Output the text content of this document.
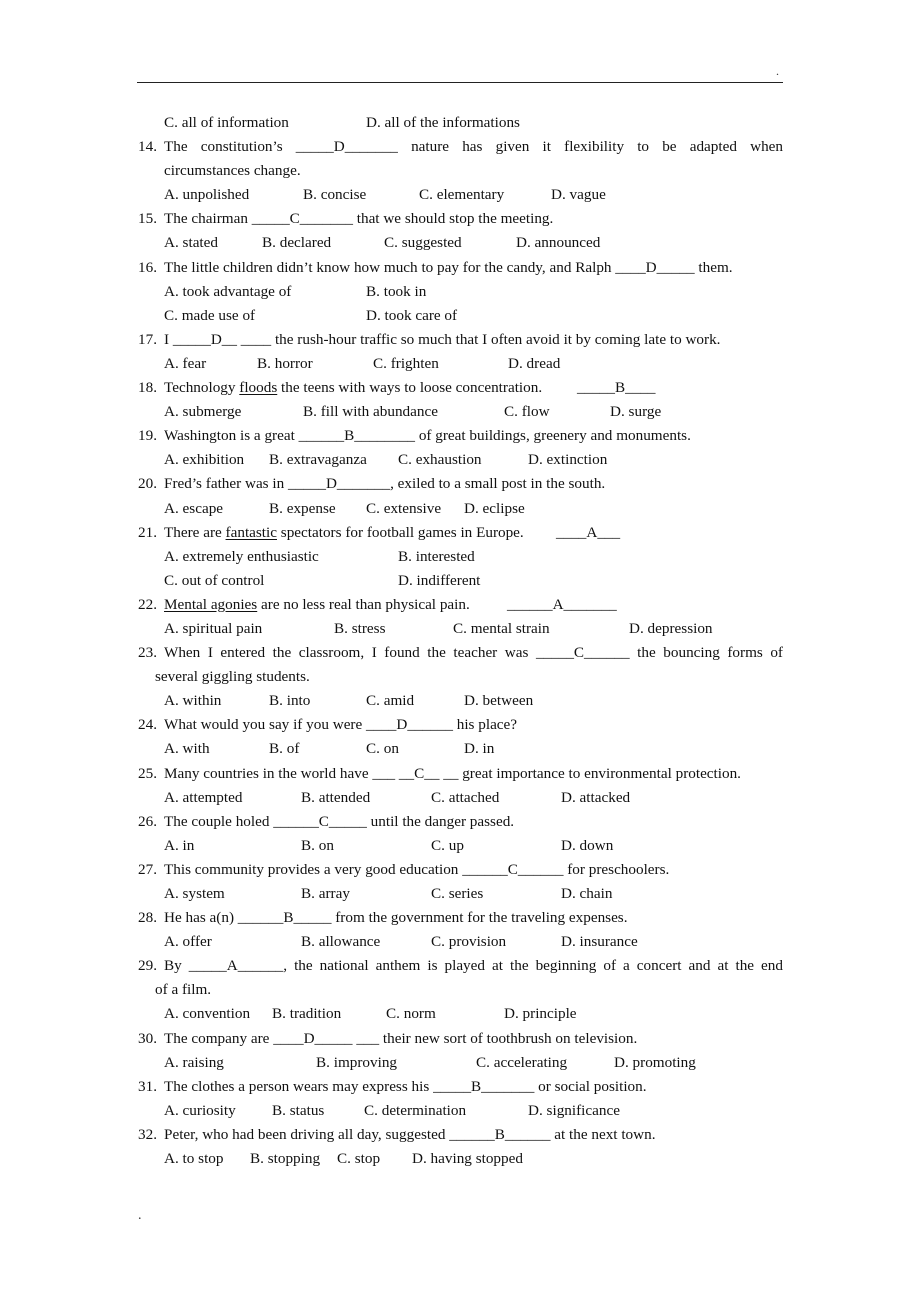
.
C. all of information	D. all of the informations
14. The constitution’s _____D_______ nature has given it flexibility to be adapted when
circumstances change.
A. unpolished	B. concise	C. elementary	D. vague
15. The chairman _____C_______ that we should stop the meeting.
A. stated	B. declared	C. suggested	D. announced
16. The little children didn’t know how much to pay for the candy, and Ralph ____D_____ them.
A. took advantage of	B. took in
C. made use of	D. took care of
17. I _____D__ ____ the rush-hour traffic so much that I often avoid it by coming late to work.
A. fear	B. horror	C. frighten	D. dread
18. Technology floods the teens with ways to loose concentration. _____B____
A. submerge	B. fill with abundance	C. flow	D. surge
19. Washington is a great ______B________ of great buildings, greenery and monuments.
A. exhibition B. extravaganza C. exhaustion	D. extinction
20. Fred’s father was in _____D_______, exiled to a small post in the south.
A. escape	B. expense C. extensive D. eclipse
21. There are fantastic spectators for football games in Europe. ____A___
A. extremely enthusiastic	B. interested
C. out of control	D. indifferent
22. Mental agonies are no less real than physical pain. ______A_______
A. spiritual pain	B. stress	C. mental strain	D. depression
23. When I entered the classroom, I found the teacher was _____C______ the bouncing forms of
several giggling students.
A. within	B. into	C. amid	D. between
24. What would you say if you were ____D______ his place?
A. with	B. of	C. on	D. in
25. Many countries in the world have ___ __C__ __ great importance to environmental protection.
A. attempted	B. attended	C. attached	D. attacked
26. The couple holed ______C_____ until the danger passed.
A. in	B. on	C. up	D. down
27. This community provides a very good education ______C______ for preschoolers.
A. system	B. array	C. series	D. chain
28. He has a(n) ______B_____ from the government for the traveling expenses.
A. offer	B. allowance	C. provision	D. insurance
29. By _____A______, the national anthem is played at the beginning of a concert and at the end
of a film.
A. convention B. tradition	C. norm	D. principle
30. The company are ____D_____ ___ their new sort of toothbrush on television.
A. raising	B. improving	C. accelerating	D. promoting
31. The clothes a person wears may express his _____B_______ or social position.
A. curiosity B. status	C. determination	D. significance
32. Peter, who had been driving all day, suggested ______B______ at the next town.
A. to stop B. stopping C. stop D. having stopped
.
